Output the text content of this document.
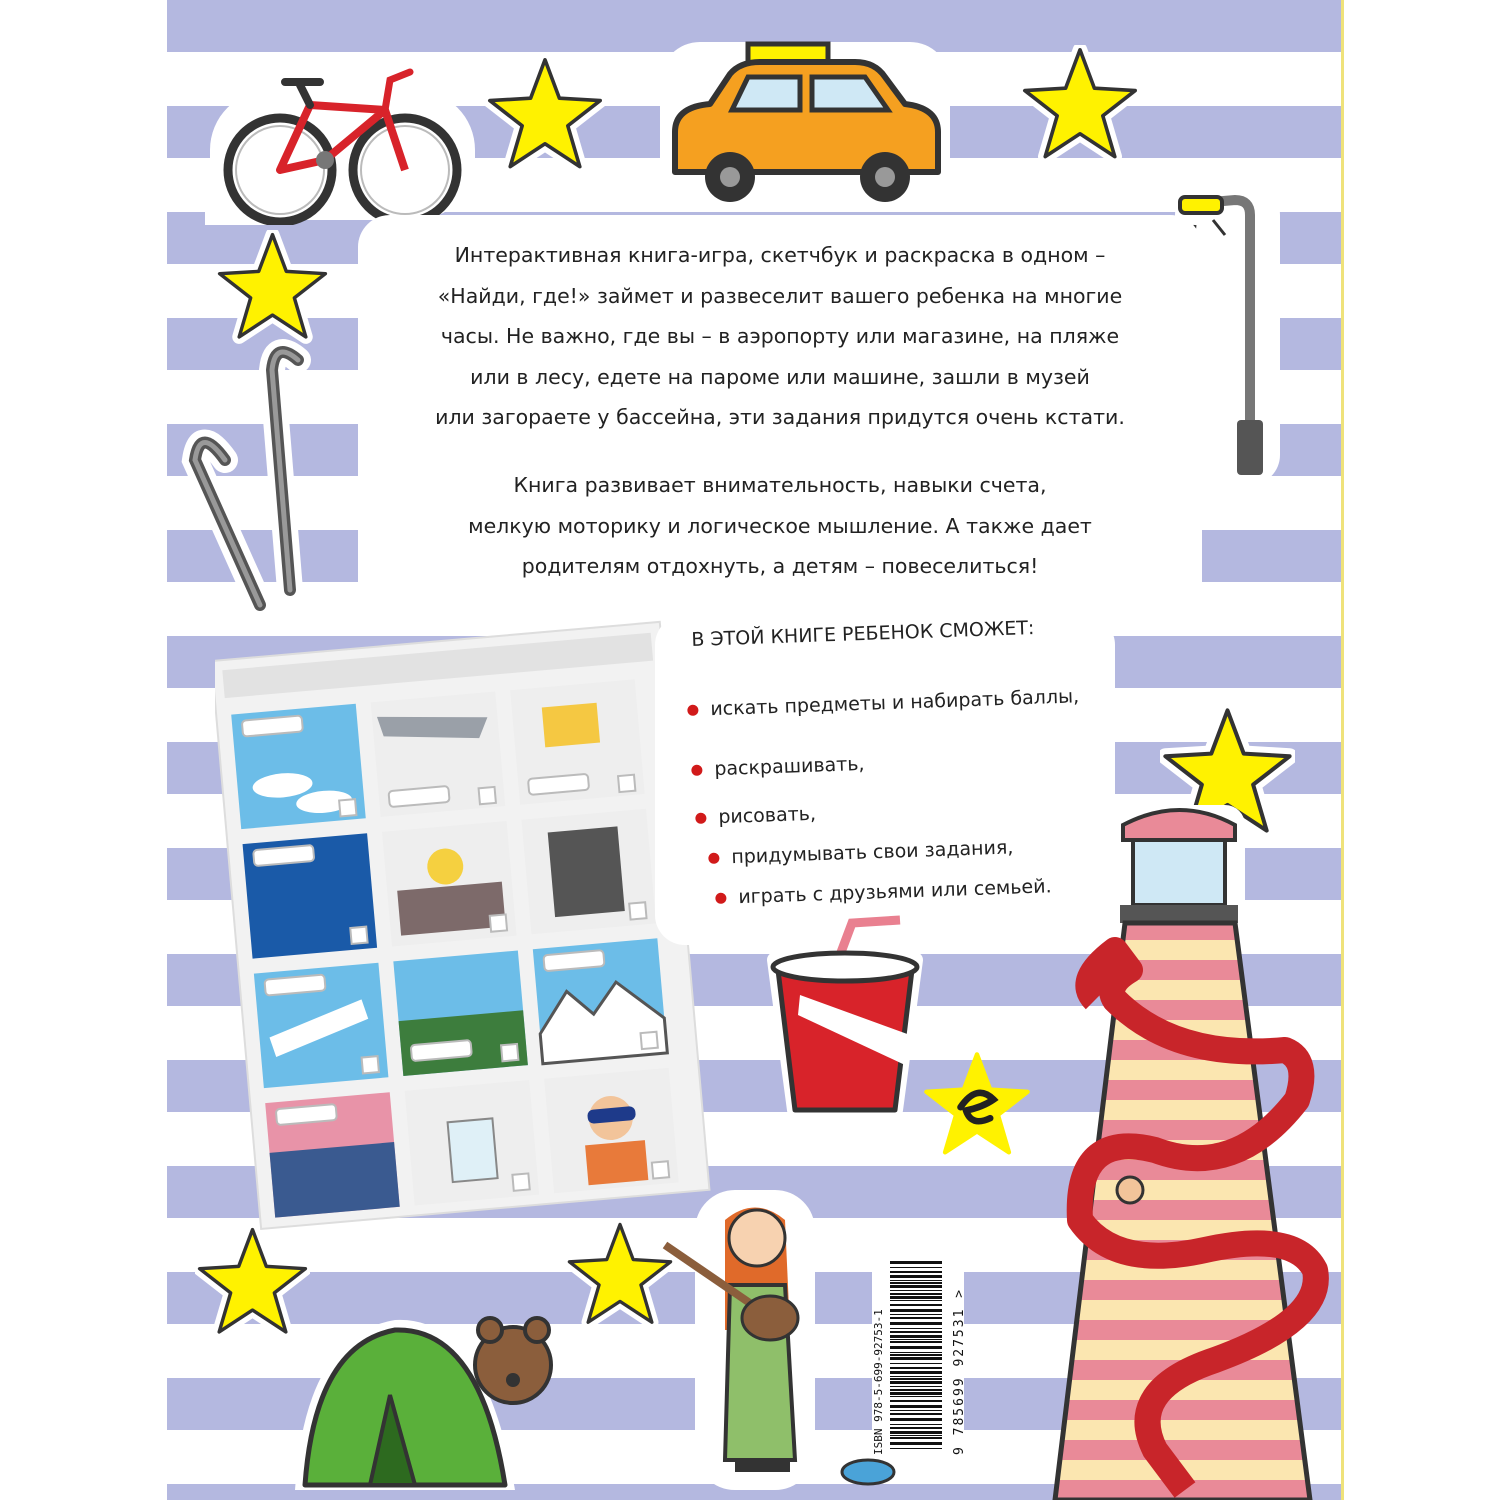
Интерактивная книга-игра, скетчбук и раскраска в одном –
«Найди, где!» займет и развеселит вашего ребенка на многие
часы. Не важно, где вы – в аэропорту или магазине, на пляже
или в лесу, едете на пароме или машине, зашли в музей
или загораете у бассейна, эти задания придутся очень кстати.

Книга развивает внимательность, навыки счета,
мелкую моторику и логическое мышление. А также дает
родителям отдохнуть, а детям – повеселиться!

В ЭТОЙ КНИГЕ РЕБЕНОК СМОЖЕТ:

искать предметы и набирать баллы,
раскрашивать,
рисовать,
придумывать свои задания,
играть с друзьями или семьей.
ISBN 978-5-699-92753-1	9 785699 927531 >
